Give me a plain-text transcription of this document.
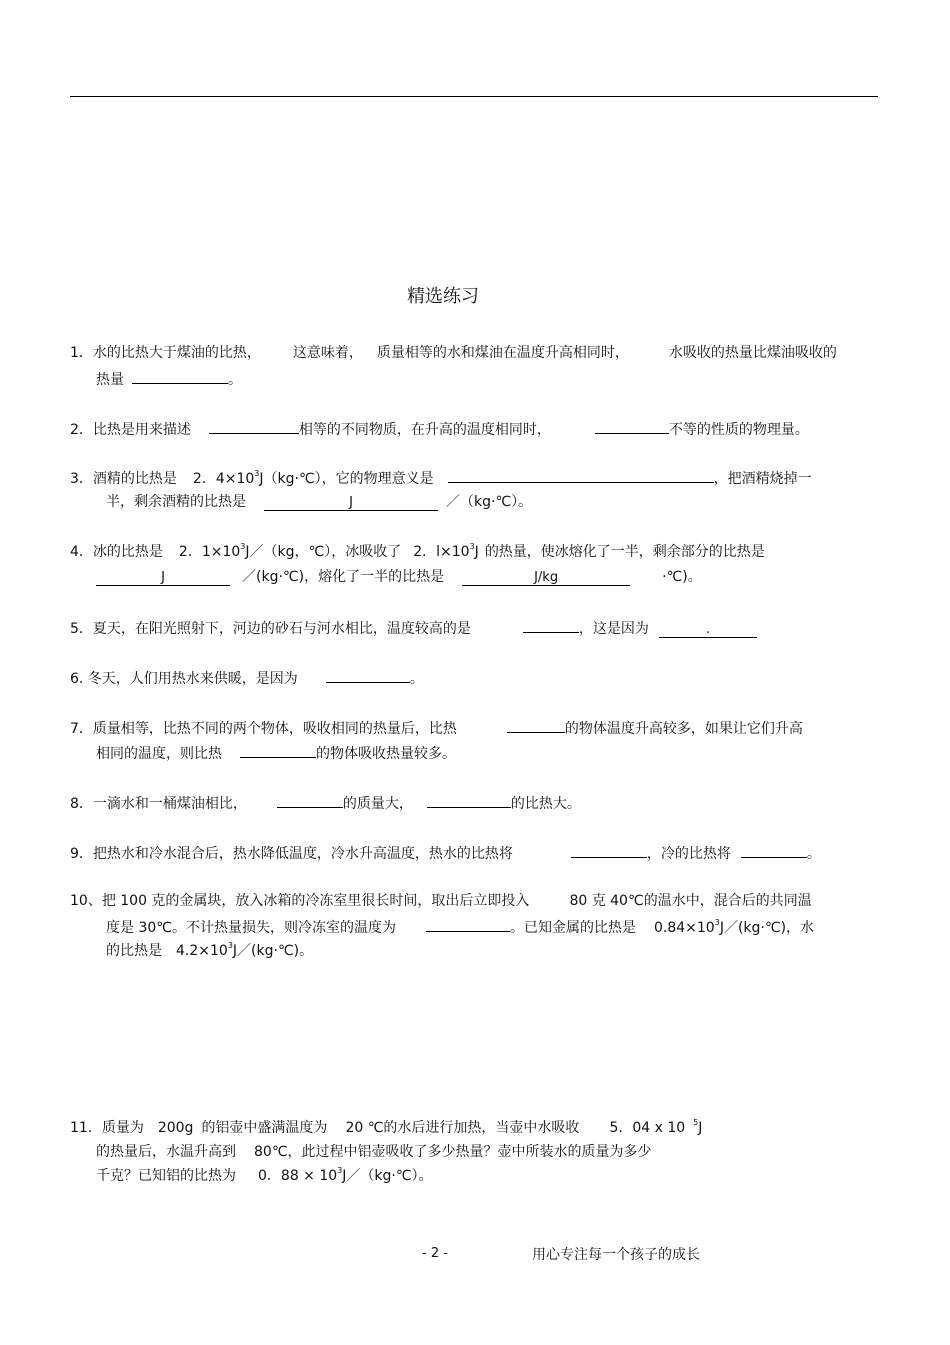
精选练习
1．水的比热大于煤油的比热， 这意味着， 质量相等的水和煤油在温度升高相同时，	水吸收的热量比煤油吸收的
热量	。
2．比热是用来描述	相等的不同物质，在升高的温度相同时，	不等的性质的物理量。
3．酒精的比热是 2．$4\times 10^3J(kg\cdot℃)$，它的物理意义是	，把酒精烧掉一
半，剩余酒精的比热是	J	／（kg·℃）。
4．冰的比热是 2．$1\times 10^3J/(kg$，℃），冰吸收了 2．$l\times 10^3J$ 的热量，使冰熔化了一半，剩余部分的比热是
J	／(kg·℃)，熔化了一半的比热是	J/kg	·℃)。
5．夏天，在阳光照射下，河边的砂石与河水相比，温度较高的是	，这是因为	.
6. 冬天，人们用热水来供暖，是因为	。
7．质量相等，比热不同的两个物体，吸收相同的热量后，比热	的物体温度升高较多，如果让它们升高
相同的温度，则比热	的物体吸收热量较多。
8．一滴水和一桶煤油相比，	的质量大，	的比热大。
9．把热水和冷水混合后，热水降低温度，冷水升高温度，热水的比热将	，冷的比热将	。
10、把 100 克的金属块，放入冰箱的冷冻室里很长时间，取出后立即投入	80 克 40℃的温水中，混合后的共同温
度是 30℃。不计热量损失，则冷冻室的温度为	。已知金属的比热是 $0.84\times 10^3J/(kg\cdot℃)$，水
的比热是 $4.2\times 10^3J/(kg\cdot℃)$。
11．质量为 200g 的铝壶中盛满温度为 20 ℃的水后进行加热，当壶中水吸收 5．04 x 10 $^5$J
的热量后，水温升高到 80℃，此过程中铝壶吸收了多少热量？壶中所装水的质量为多少
千克？已知铝的比热为 0．$88 \times 10^3J/(kg\cdot℃)$。
- 2 -	用心专注每一个孩子的成长
